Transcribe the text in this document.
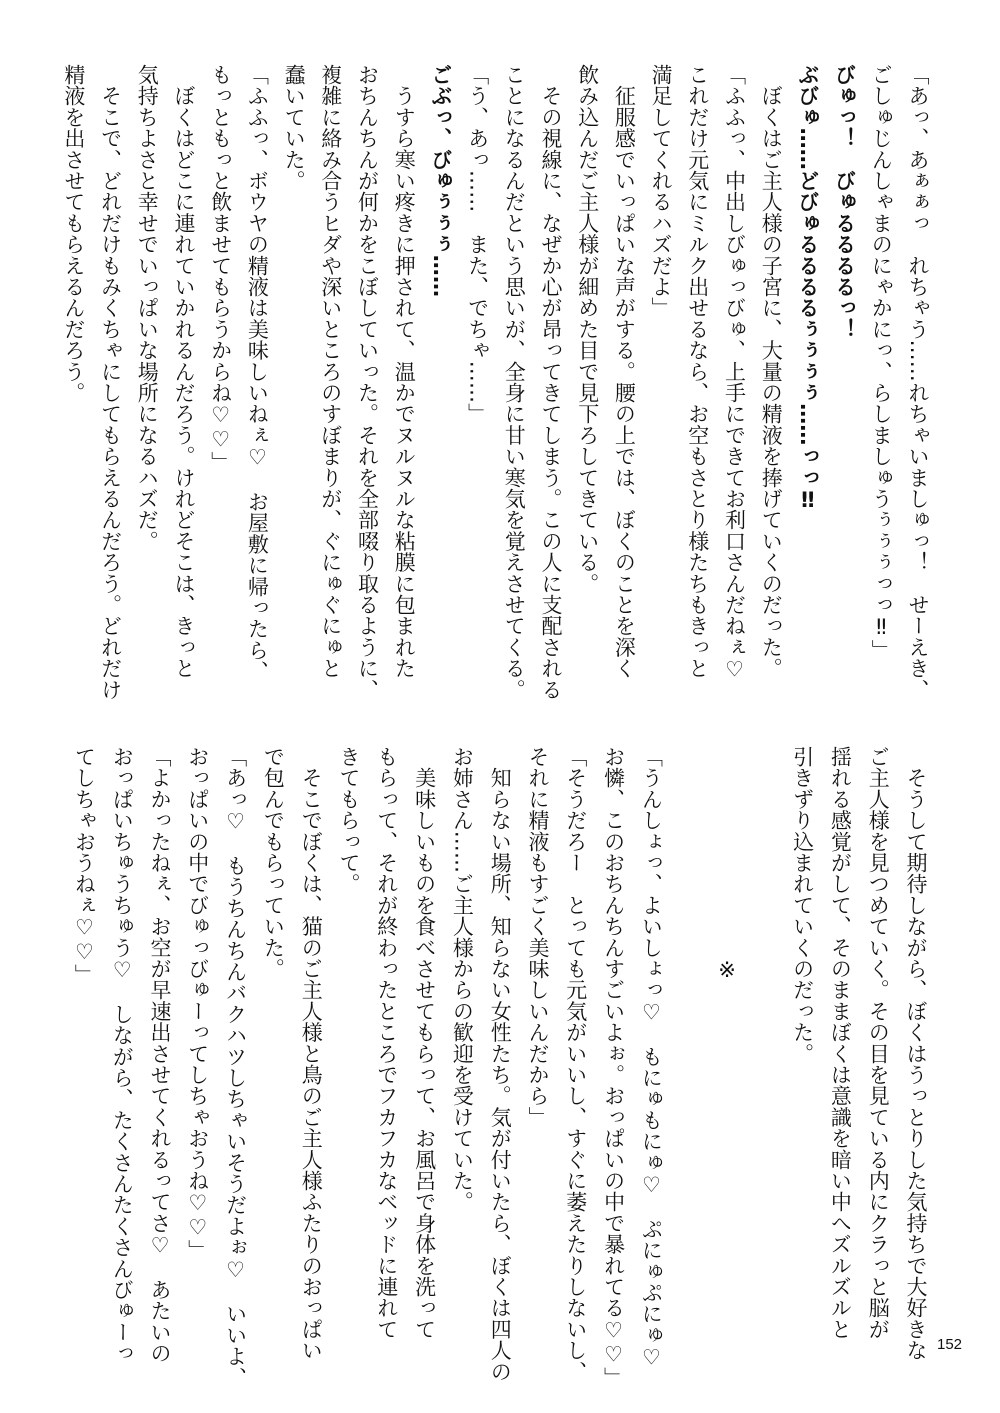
「あっ、あぁぁっ　れちゃう……れちゃいましゅっ！　せーえき、
ごしゅじんしゃまのにゃかにっ、らしましゅうぅぅぅっっ‼」
びゅっ！　びゅるるるるっ！
ぶびゅ……どびゅるるるるぅぅぅぅ……っっ‼
　ぼくはご主人様の子宮に、大量の精液を捧げていくのだった。
「ふふっ、中出しびゅっびゅ、上手にできてお利口さんだねぇ♡
これだけ元気にミルク出せるなら、お空もさとり様たちもきっと
満足してくれるハズだよ」
　征服感でいっぱいな声がする。腰の上では、ぼくのことを深く
飲み込んだご主人様が細めた目で見下ろしてきている。
　その視線に、なぜか心が昂ってきてしまう。この人に支配される
ことになるんだという思いが、全身に甘い寒気を覚えさせてくる。
「う、あっ……　また、でちゃ……」
ごぶっ、びゅぅぅぅ……
　うすら寒い疼きに押されて、温かでヌルヌルな粘膜に包まれた
おちんちんが何かをこぼしていった。それを全部啜り取るように、
複雑に絡み合うヒダや深いところのすぼまりが、ぐにゅぐにゅと
蠢いていた。
「ふふっ、ボウヤの精液は美味しいねぇ♡　お屋敷に帰ったら、
もっともっと飲ませてもらうからね♡♡」
　ぼくはどこに連れていかれるんだろう。けれどそこは、きっと
気持ちよさと幸せでいっぱいな場所になるハズだ。
　そこで、どれだけもみくちゃにしてもらえるんだろう。どれだけ
精液を出させてもらえるんだろう。
　そうして期待しながら、ぼくはうっとりした気持ちで大好きな
ご主人様を見つめていく。その目を見ている内にクラっと脳が
揺れる感覚がして、そのままぼくは意識を暗い中へズルズルと
引きずり込まれていくのだった。
　　　　　　　　　　※
「うんしょっ、よいしょっ♡　もにゅもにゅ♡　ぷにゅぷにゅ♡
お憐、このおちんちんすごいよぉ。おっぱいの中で暴れてる♡♡」
「そうだろー　とっても元気がいいし、すぐに萎えたりしないし、
それに精液もすごく美味しいんだから」
　知らない場所、知らない女性たち。気が付いたら、ぼくは四人の
お姉さん……ご主人様からの歓迎を受けていた。
　美味しいものを食べさせてもらって、お風呂で身体を洗って
もらって、それが終わったところでフカフカなベッドに連れて
きてもらって。
　そこでぼくは、猫のご主人様と鳥のご主人様ふたりのおっぱい
で包んでもらっていた。
「あっ♡　もうちんちんバクハツしちゃいそうだよぉ♡　いいよ、
おっぱいの中でびゅっびゅーってしちゃおうね♡♡」
「よかったねぇ、お空が早速出させてくれるってさ♡　あたいの
おっぱいちゅうちゅう♡　しながら、たくさんたくさんびゅーっ
てしちゃおうねぇ♡♡」
152
